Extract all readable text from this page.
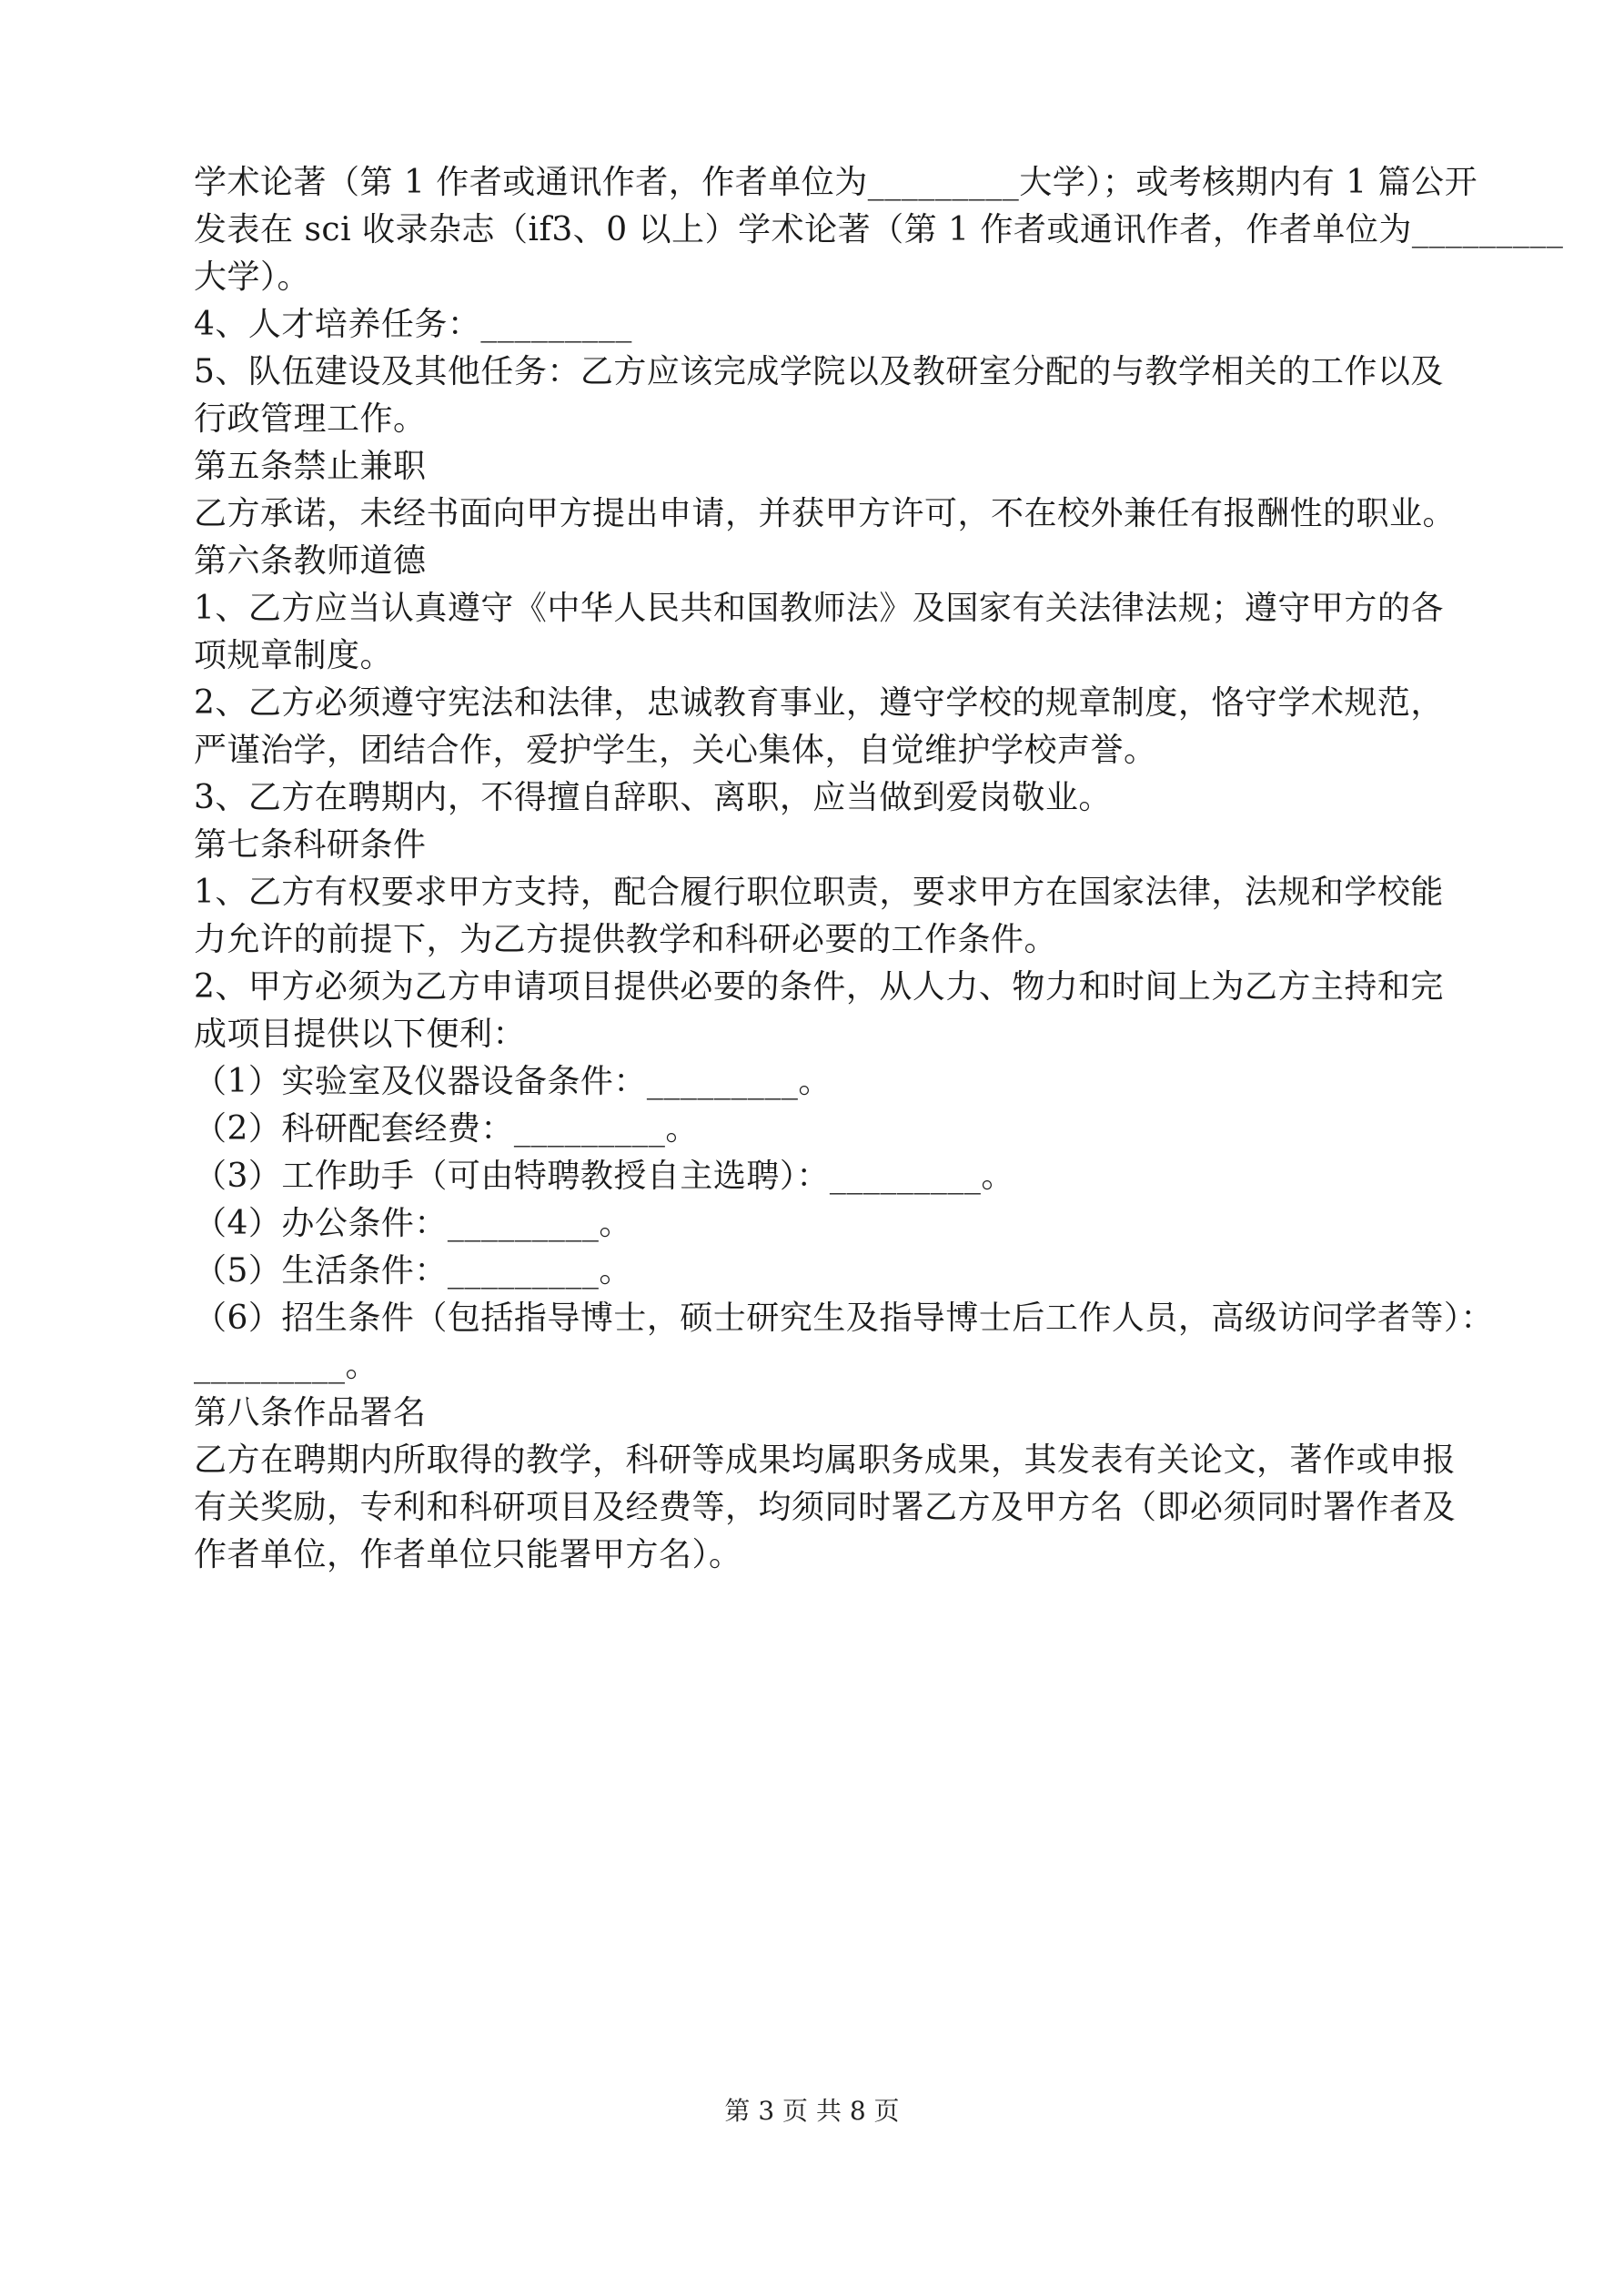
学术论著（第 1 作者或通讯作者，作者单位为_________大学）；或考核期内有 1 篇公开
发表在 sci 收录杂志（if3、0 以上）学术论著（第 1 作者或通讯作者，作者单位为_________
大学）。
4、人才培养任务：_________
5、队伍建设及其他任务：乙方应该完成学院以及教研室分配的与教学相关的工作以及
行政管理工作。
第五条禁止兼职
乙方承诺，未经书面向甲方提出申请，并获甲方许可，不在校外兼任有报酬性的职业。
第六条教师道德
1、乙方应当认真遵守《中华人民共和国教师法》及国家有关法律法规；遵守甲方的各
项规章制度。
2、乙方必须遵守宪法和法律，忠诚教育事业，遵守学校的规章制度，恪守学术规范，
严谨治学，团结合作，爱护学生，关心集体，自觉维护学校声誉。
3、乙方在聘期内，不得擅自辞职、离职，应当做到爱岗敬业。
第七条科研条件
1、乙方有权要求甲方支持，配合履行职位职责，要求甲方在国家法律，法规和学校能
力允许的前提下，为乙方提供教学和科研必要的工作条件。
2、甲方必须为乙方申请项目提供必要的条件，从人力、物力和时间上为乙方主持和完
成项目提供以下便利：
（1）实验室及仪器设备条件：_________。
（2）科研配套经费：_________。
（3）工作助手（可由特聘教授自主选聘）：_________。
（4）办公条件：_________。
（5）生活条件：_________。
（6）招生条件（包括指导博士，硕士研究生及指导博士后工作人员，高级访问学者等）：
_________。
第八条作品署名
乙方在聘期内所取得的教学，科研等成果均属职务成果，其发表有关论文，著作或申报
有关奖励，专利和科研项目及经费等，均须同时署乙方及甲方名（即必须同时署作者及
作者单位，作者单位只能署甲方名）。
第 3 页 共 8 页
